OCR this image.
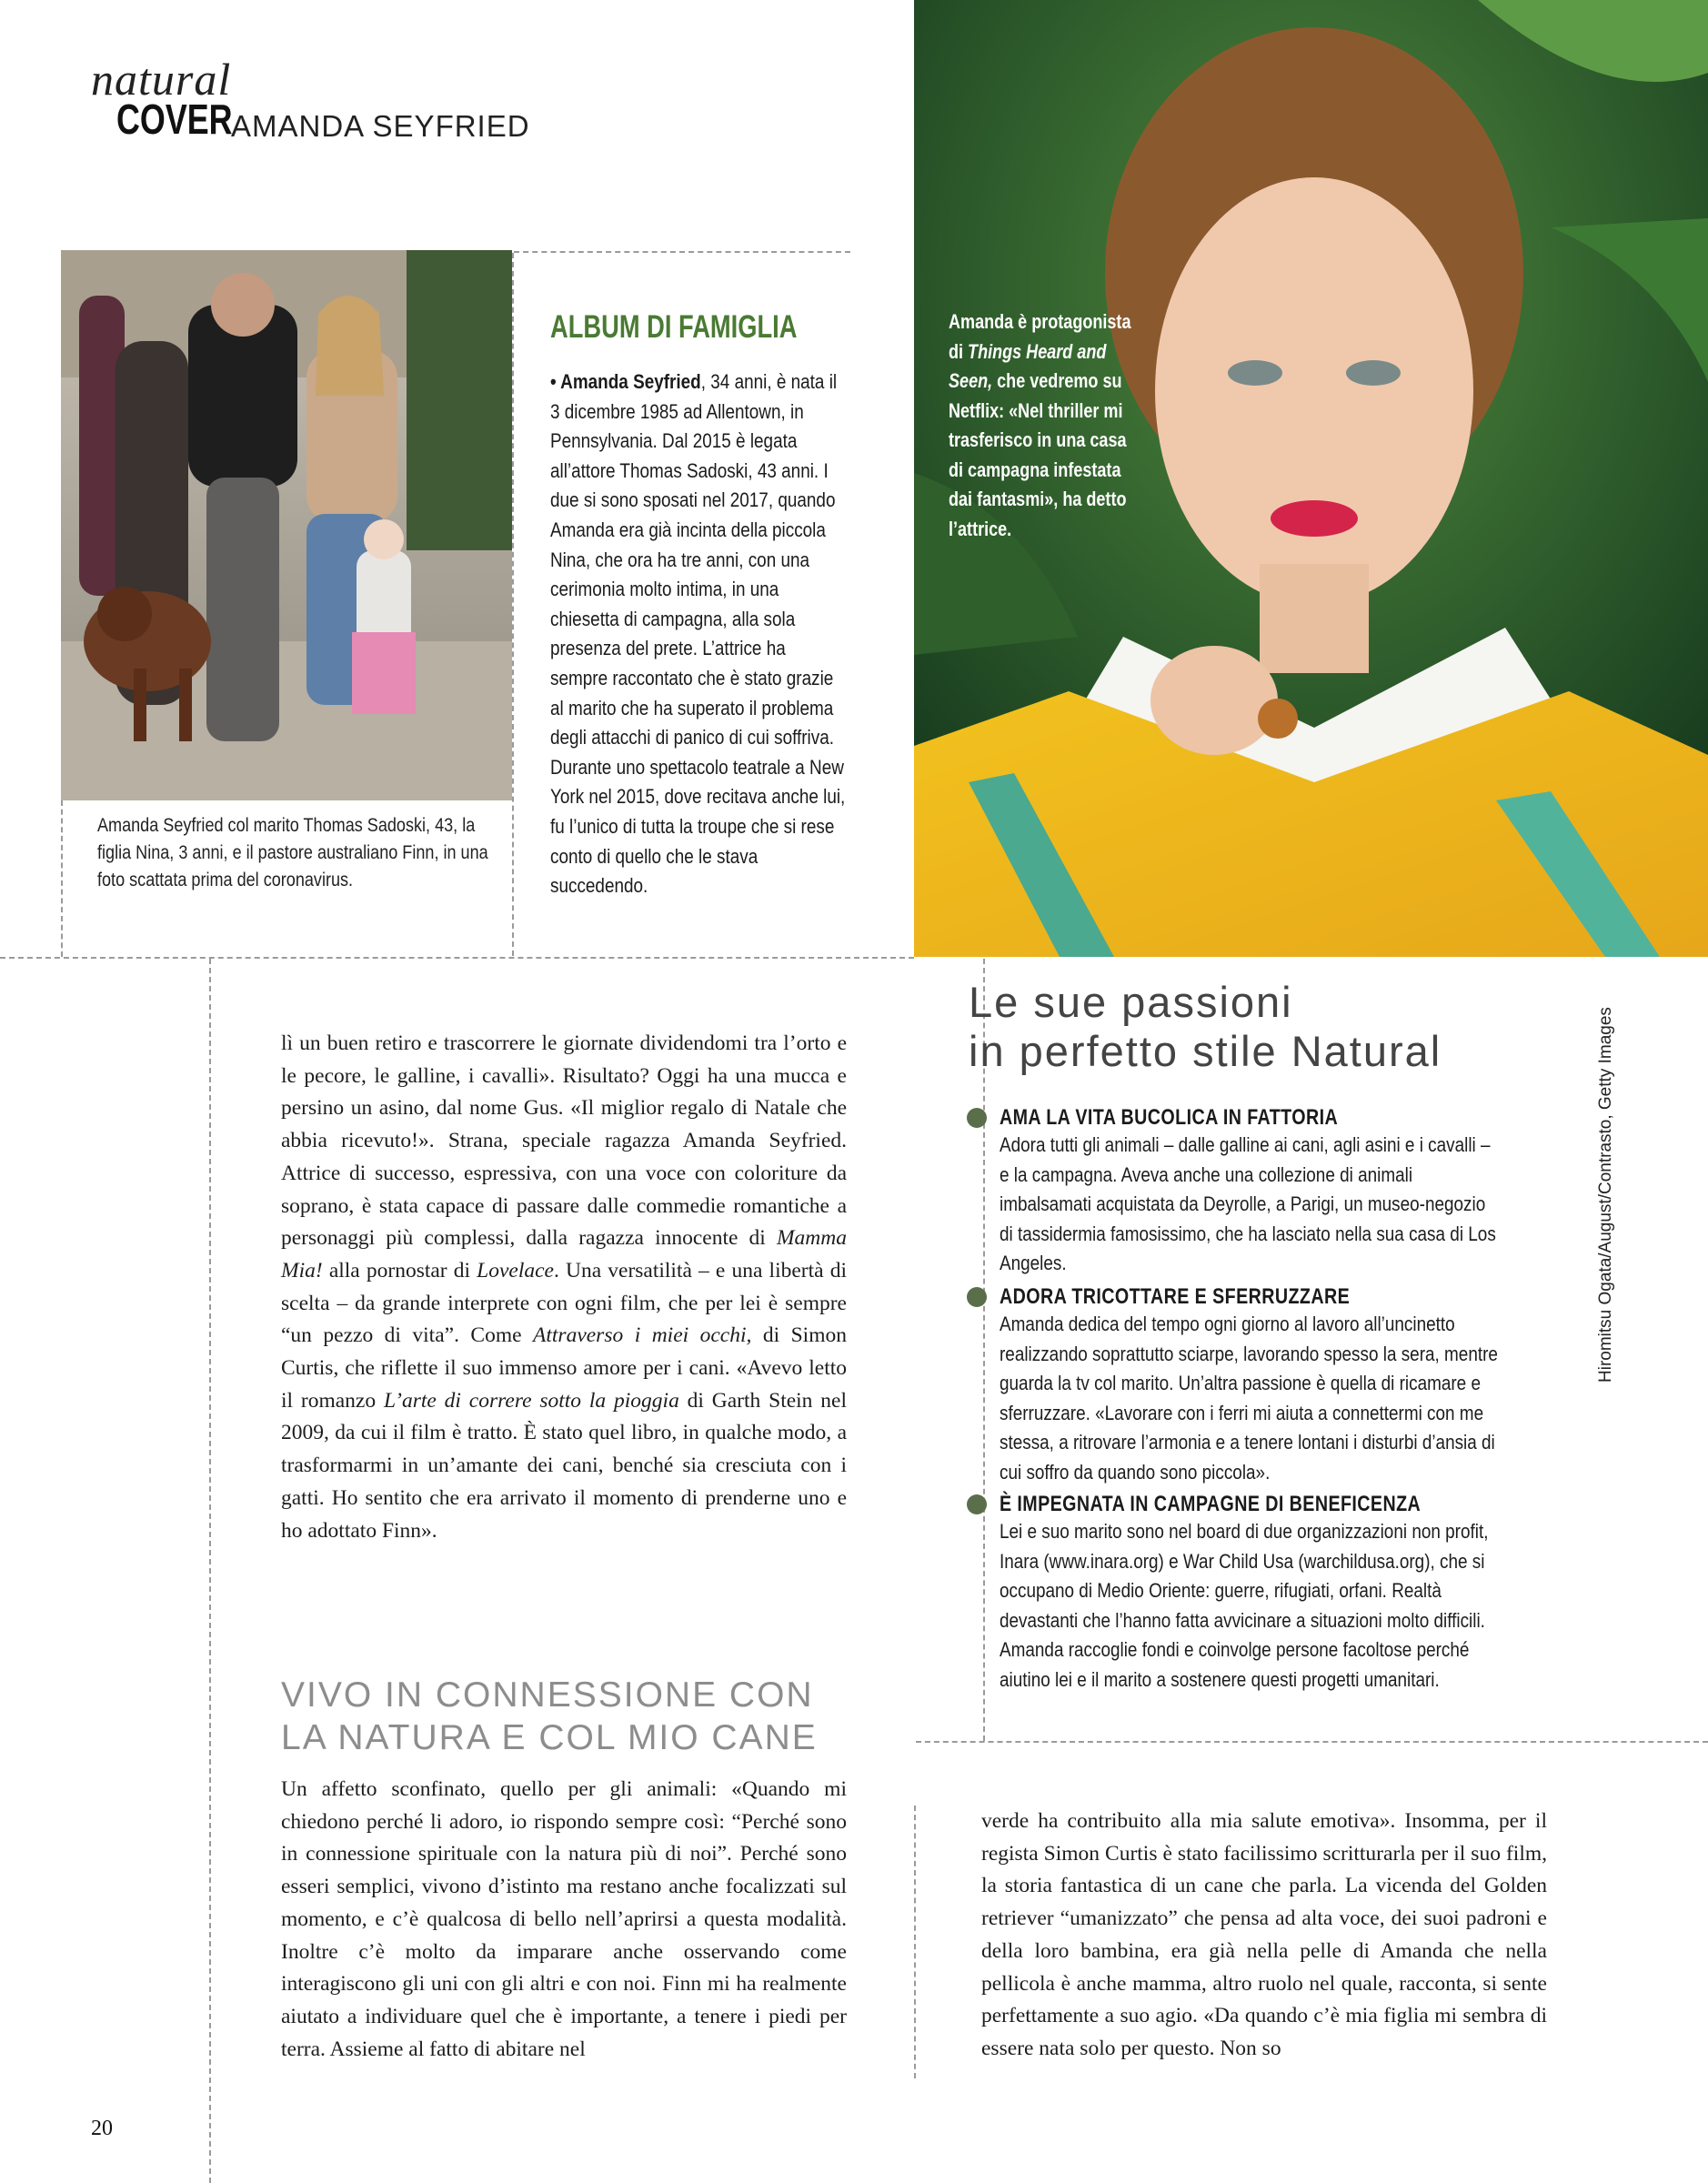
natural
COVER
AMANDA SEYFRIED
Amanda Seyfried col marito Thomas Sadoski, 43, la figlia Nina, 3 anni, e il pastore australiano Finn, in una foto scattata prima del coronavirus.
ALBUM DI FAMIGLIA
• Amanda Seyfried, 34 anni, è nata il 3 dicembre 1985 ad Allentown, in Pennsylvania. Dal 2015 è legata all’attore Thomas Sadoski, 43 anni. I due si sono sposati nel 2017, quando Amanda era già incinta della piccola Nina, che ora ha tre anni, con una cerimonia molto intima, in una chiesetta di campagna, alla sola presenza del prete. L’attrice ha sempre raccontato che è stato grazie al marito che ha superato il problema degli attacchi di panico di cui soffriva. Durante uno spettacolo teatrale a New York nel 2015, dove recitava anche lui, fu l’unico di tutta la troupe che si rese conto di quello che le stava succedendo.
Amanda è protagonista di Things Heard and Seen, che vedremo su Netflix: «Nel thriller mi trasferisco in una casa di campagna infestata dai fantasmi», ha detto l’attrice.

lì un buen retiro e trascorrere le giornate dividendomi tra l’orto e le pecore, le galline, i cavalli». Risultato? Oggi ha una mucca e persino un asino, dal nome Gus. «Il miglior regalo di Natale che abbia ricevuto!». Strana, speciale ragazza Amanda Seyfried. Attrice di successo, espressiva, con una voce con coloriture da soprano, è stata capace di passare dalle commedie romantiche a personaggi più complessi, dalla ragazza innocente di Mamma Mia! alla pornostar di Lovelace. Una versatilità – e una libertà di scelta – da grande interprete con ogni film, che per lei è sempre “un pezzo di vita”. Come Attraverso i miei occhi, di Simon Curtis, che riflette il suo immenso amore per i cani. «Avevo letto il romanzo L’arte di correre sotto la pioggia di Garth Stein nel 2009, da cui il film è tratto. È stato quel libro, in qualche modo, a trasformarmi in un’amante dei cani, benché sia cresciuta con i gatti. Ho sentito che era arrivato il momento di prenderne uno e ho adottato Finn».

VIVO IN CONNESSIONE CON LA NATURA E COL MIO CANE
Un affetto sconfinato, quello per gli animali: «Quando mi chiedono perché li adoro, io rispondo sempre così: “Perché sono in connessione spirituale con la natura più di noi”. Perché sono esseri semplici, vivono d’istinto ma restano anche focalizzati sul momento, e c’è qualcosa di bello nell’aprirsi a questa modalità. Inoltre c’è molto da imparare anche osservando come interagiscono gli uni con gli altri e con noi. Finn mi ha realmente aiutato a individuare quel che è importante, a tenere i piedi per terra. Assieme al fatto di abitare nel
verde ha contribuito alla mia salute emotiva». Insomma, per il regista Simon Curtis è stato facilissimo scritturarla per il suo film, la storia fantastica di un cane che parla. La vicenda del Golden retriever “umanizzato” che pensa ad alta voce, dei suoi padroni e della loro bambina, era già nella pelle di Amanda che nella pellicola è anche mamma, altro ruolo nel quale, racconta, si sente perfettamente a suo agio. «Da quando c’è mia figlia mi sembra di essere nata solo per questo. Non so
Le sue passioni
in perfetto stile Natural
AMA LA VITA BUCOLICA IN FATTORIA
Adora tutti gli animali – dalle galline ai cani, agli asini e i cavalli – e la campagna. Aveva anche una collezione di animali imbalsamati acquistata da Deyrolle, a Parigi, un museo-negozio di tassidermia famosissimo, che ha lasciato nella sua casa di Los Angeles.
ADORA TRICOTTARE E SFERRUZZARE
Amanda dedica del tempo ogni giorno al lavoro all’uncinetto realizzando soprattutto sciarpe, lavorando spesso la sera, mentre guarda la tv col marito. Un’altra passione è quella di ricamare e sferruzzare. «Lavorare con i ferri mi aiuta a connettermi con me stessa, a ritrovare l’armonia e a tenere lontani i disturbi d’ansia di cui soffro da quando sono piccola».
È IMPEGNATA IN CAMPAGNE DI BENEFICENZA
Lei e suo marito sono nel board di due organizzazioni non profit, Inara (www.inara.org) e War Child Usa (warchildusa.org), che si occupano di Medio Oriente: guerre, rifugiati, orfani. Realtà devastanti che l’hanno fatta avvicinare a situazioni molto difficili. Amanda raccoglie fondi e coinvolge persone facoltose perché aiutino lei e il marito a sostenere questi progetti umanitari.
Hiromitsu Ogata/August/Contrasto, Getty Images
20
